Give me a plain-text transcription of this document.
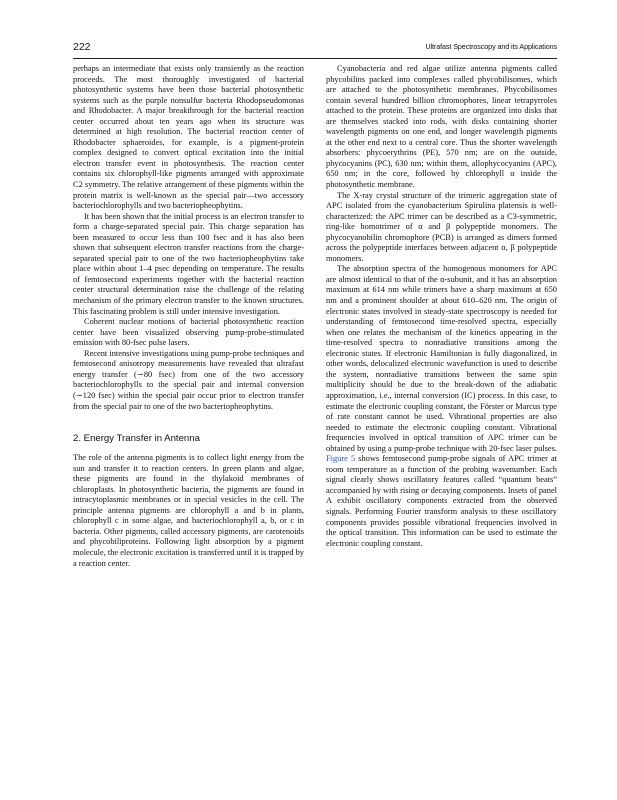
222	Ultrafast Spectroscopy and its Applications

perhaps an intermediate that exists only transiently as the reaction proceeds. The most thoroughly investigated of bacterial photosynthetic systems have been those bacterial photosynthetic systems such as the purple nonsulfur bacteria Rhodopseudomonas and Rhodobacter. A major breakthrough for the bacterial reaction center occurred about ten years ago when its structure was determined at high resolution. The bacterial reaction center of Rhodobacter sphaeroides, for example, is a pigment-protein complex designed to convert optical excitation into the initial electron transfer event in photosynthesis. The reaction center contains six chlorophyll-like pigments arranged with approximate C2 symmetry. The relative arrangement of these pigments within the protein matrix is well-known as the special pair—two accessory bacteriochlorophylls and two bacteriopheophytins.

It has been shown that the initial process is an electron transfer to form a charge-separated special pair. This charge separation has been measured to occur less than 100 fsec and it has also been shown that subsequent electron transfer reactions from the charge-separated special pair to one of the two bacteriopheophytins take place within about 1–4 psec depending on temperature. The results of femtosecond experiments together with the bacterial reaction center structural determination raise the challenge of the relating mechanism of the primary electron transfer to the known structures. This fascinating problem is still under intensive investigation.

Coherent nuclear motions of bacterial photosynthetic reaction center have been visualized observing pump-probe-stimulated emission with 80-fsec pulse lasers.

Recent intensive investigations using pump-probe techniques and femtosecond anisotropy measurements have revealed that ultrafast energy transfer (∼80 fsec) from one of the two accessory bacteriochlorophylls to the special pair and internal conversion (∼120 fsec) within the special pair occur prior to electron transfer from the special pair to one of the two bacteriopheophytins.

2. Energy Transfer in Antenna

The role of the antenna pigments is to collect light energy from the sun and transfer it to reaction centers. In green plants and algae, these pigments are found in the thylakoid membranes of chloroplasts. In photosynthetic bacteria, the pigments are found in intracytoplasmic membranes or in special vesicles in the cell. The principle antenna pigments are chlorophyll a and b in plants, chlorophyll c in some algae, and bacteriochlorophyll a, b, or c in bacteria. Other pigments, called accessory pigments, are carotenoids and phycobiliproteins. Following light absorption by a pigment molecule, the electronic excitation is transferred until it is trapped by a reaction center.

Cyanobacteria and red algae utilize antenna pigments called phycobilins packed into complexes called phycobilisomes, which are attached to the photosynthetic membranes. Phycobilisomes contain several hundred billion chromophores, linear tetrapyrroles attached to the protein. These proteins are organized into disks that are themselves stacked into rods, with disks containing shorter wavelength pigments on one end, and longer wavelength pigments at the other end next to a central core. Thus the shorter wavelength absorbers: phycoerythrins (PE), 570 nm; are on the outside, phycocyanins (PC), 630 nm; within them, allophycocyanins (APC), 650 nm; in the core, followed by chlorophyll α inside the photosynthetic membrane.

The X-ray crystal structure of the trimeric aggregation state of APC isolated from the cyanobacterium Spirulina platensis is well-characterized: the APC trimer can be described as a C3-symmetric, ring-like homotrimer of α and β polypeptide monomers. The phycocyanobilin chromophore (PCB) is arranged as dimers formed across the polypeptide interfaces between adjacent α, β polypeptide monomers.

The absorption spectra of the homogenous monomers for APC are almost identical to that of the α-subunit, and it has an absorption maximum at 614 nm while trimers have a sharp maximum at 650 nm and a prominent shoulder at about 610–620 nm. The origin of electronic states involved in steady-state spectroscopy is needed for understanding of femtosecond time-resolved spectra, especially when one relates the mechanism of the kinetics appearing in the time-resolved spectra to nonradiative transitions among the electronic states. If electronic Hamiltonian is fully diagonalized, in other words, delocalized electronic wavefunction is used to describe the system, nonradiative transitions between the same spin multiplicity should be due to the break-down of the adiabatic approximation, i.e., internal conversion (IC) process. In this case, to estimate the electronic coupling constant, the Förster or Marcus type of rate constant cannot be used. Vibrational properties are also needed to estimate the electronic coupling constant. Vibrational frequencies involved in optical transition of APC trimer can be obtained by using a pump-probe technique with 20-fsec laser pulses. Figure 5 shows femtosecond pump-probe signals of APC trimer at room temperature as a function of the probing wavenumber. Each signal clearly shows oscillatory features called “quantum beats” accompanied by with rising or decaying components. Insets of panel A exhibit oscillatory components extracted from the observed signals. Performing Fourier transform analysis to these oscillatory components provides possible vibrational frequencies involved in the optical transition. This information can be used to estimate the electronic coupling constant.
